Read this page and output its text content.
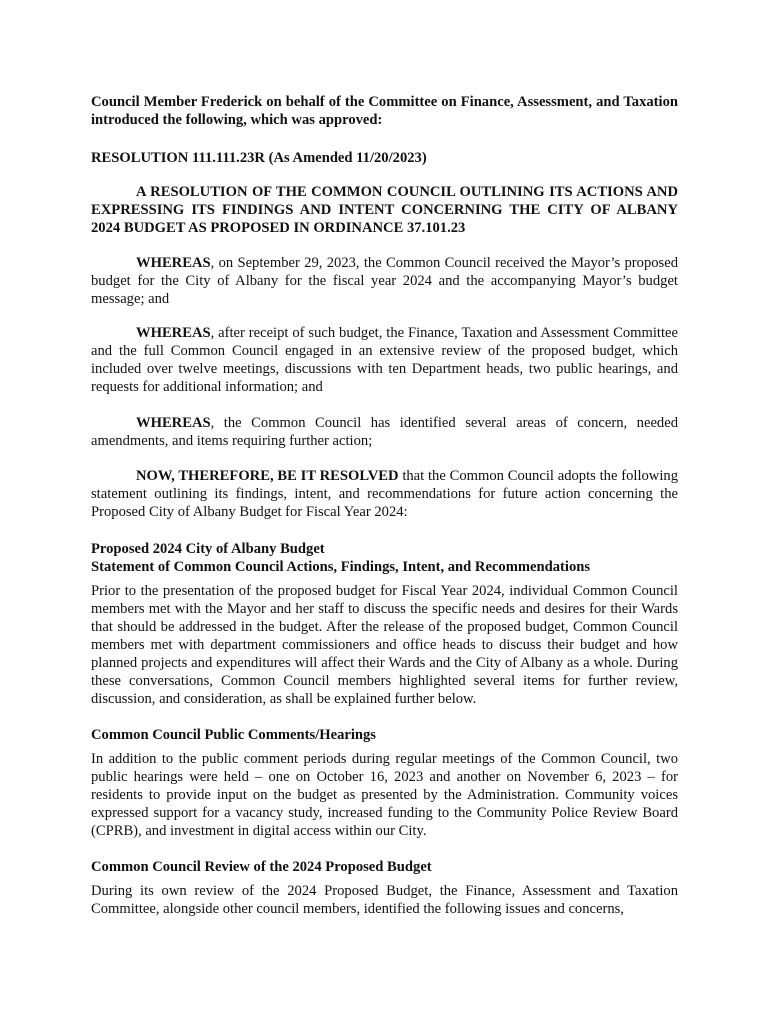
Council Member Frederick on behalf of the Committee on Finance, Assessment, and Taxation introduced the following, which was approved:

RESOLUTION 111.111.23R (As Amended 11/20/2023)

A RESOLUTION OF THE COMMON COUNCIL OUTLINING ITS ACTIONS AND EXPRESSING ITS FINDINGS AND INTENT CONCERNING THE CITY OF ALBANY 2024 BUDGET AS PROPOSED IN ORDINANCE 37.101.23

WHEREAS, on September 29, 2023, the Common Council received the Mayor’s proposed budget for the City of Albany for the fiscal year 2024 and the accompanying Mayor’s budget message; and

WHEREAS, after receipt of such budget, the Finance, Taxation and Assessment Committee and the full Common Council engaged in an extensive review of the proposed budget, which included over twelve meetings, discussions with ten Department heads, two public hearings, and requests for additional information; and

WHEREAS, the Common Council has identified several areas of concern, needed amendments, and items requiring further action;

NOW, THEREFORE, BE IT RESOLVED that the Common Council adopts the following statement outlining its findings, intent, and recommendations for future action concerning the Proposed City of Albany Budget for Fiscal Year 2024:

Proposed 2024 City of Albany Budget

Statement of Common Council Actions, Findings, Intent, and Recommendations

Prior to the presentation of the proposed budget for Fiscal Year 2024, individual Common Council members met with the Mayor and her staff to discuss the specific needs and desires for their Wards that should be addressed in the budget. After the release of the proposed budget, Common Council members met with department commissioners and office heads to discuss their budget and how planned projects and expenditures will affect their Wards and the City of Albany as a whole. During these conversations, Common Council members highlighted several items for further review, discussion, and consideration, as shall be explained further below.

Common Council Public Comments/Hearings

In addition to the public comment periods during regular meetings of the Common Council, two public hearings were held – one on October 16, 2023 and another on November 6, 2023 – for residents to provide input on the budget as presented by the Administration. Community voices expressed support for a vacancy study, increased funding to the Community Police Review Board (CPRB), and investment in digital access within our City.

Common Council Review of the 2024 Proposed Budget

During its own review of the 2024 Proposed Budget, the Finance, Assessment and Taxation Committee, alongside other council members, identified the following issues and concerns,
